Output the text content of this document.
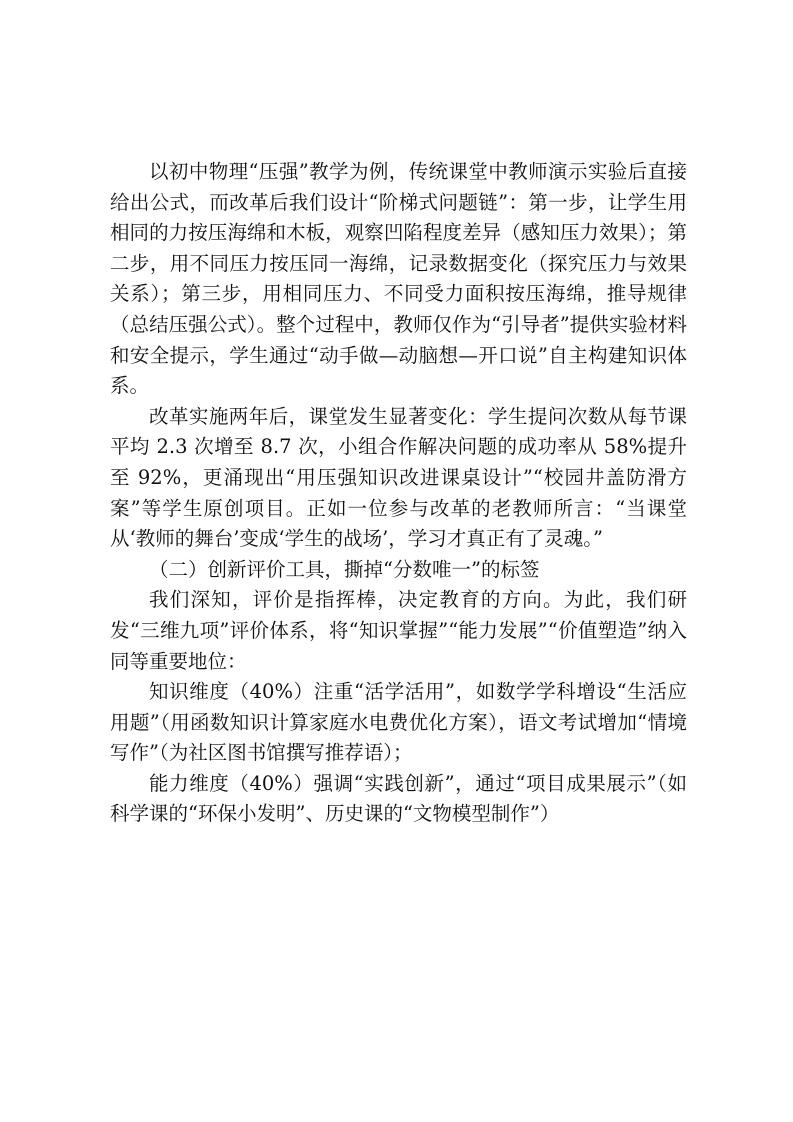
以初中物理“压强”教学为例，传统课堂中教师演示实验后直接给出公式，而改革后我们设计“阶梯式问题链”：第一步，让学生用相同的力按压海绵和木板，观察凹陷程度差异（感知压力效果）；第二步，用不同压力按压同一海绵，记录数据变化（探究压力与效果关系）；第三步，用相同压力、不同受力面积按压海绵，推导规律（总结压强公式）。整个过程中，教师仅作为“引导者”提供实验材料和安全提示，学生通过“动手做—动脑想—开口说”自主构建知识体系。

改革实施两年后，课堂发生显著变化：学生提问次数从每节课平均 2.3 次增至 8.7 次，小组合作解决问题的成功率从 58%提升至 92%，更涌现出“用压强知识改进课桌设计”“校园井盖防滑方案”等学生原创项目。正如一位参与改革的老教师所言：“当课堂从‘教师的舞台’变成‘学生的战场’，学习才真正有了灵魂。”

（二）创新评价工具，撕掉“分数唯一”的标签

我们深知，评价是指挥棒，决定教育的方向。为此，我们研发“三维九项”评价体系，将“知识掌握”“能力发展”“价值塑造”纳入同等重要地位：

知识维度（40%）注重“活学活用”，如数学学科增设“生活应用题”（用函数知识计算家庭水电费优化方案），语文考试增加“情境写作”（为社区图书馆撰写推荐语）；

能力维度（40%）强调“实践创新”，通过“项目成果展示”（如科学课的“环保小发明”、历史课的“文物模型制作”）
